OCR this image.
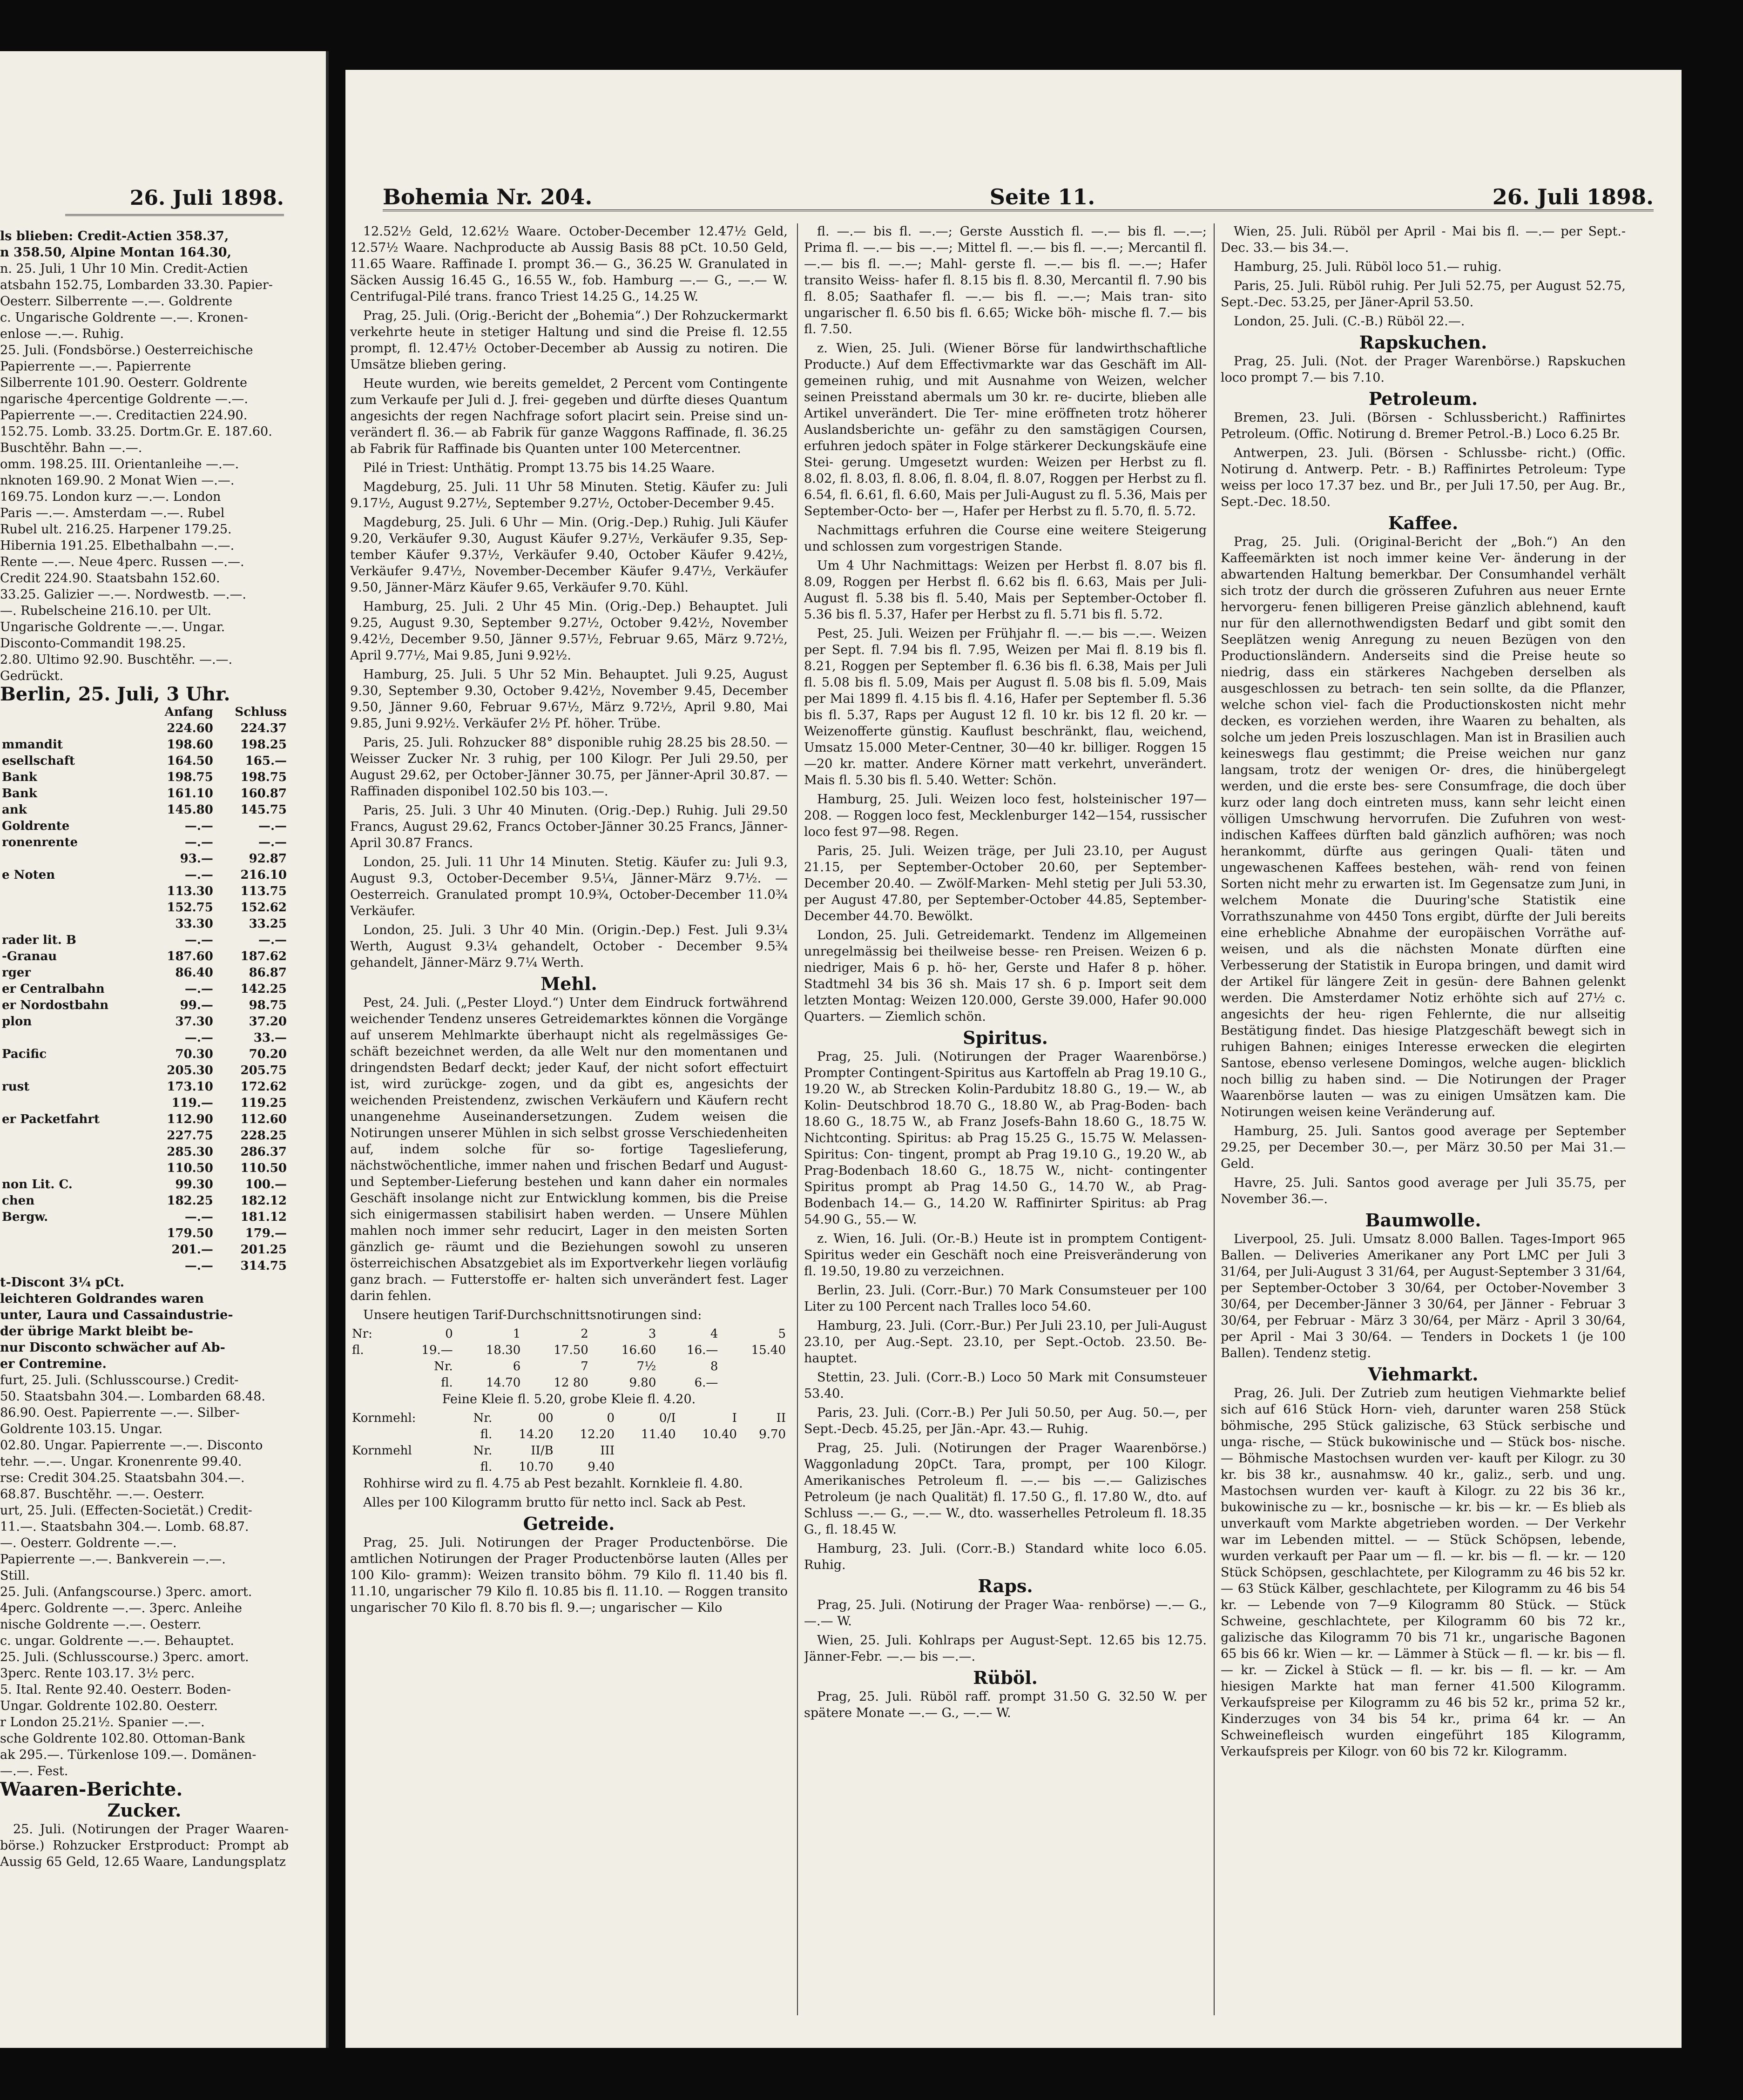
26. Juli 1898.
ls blieben: Credit-Actien 358.37,
n 358.50, Alpine Montan 164.30,
n. 25. Juli, 1 Uhr 10 Min. Credit-Actien
atsbahn 152.75, Lombarden 33.30. Papier-
Oesterr. Silberrente —.—. Goldrente
c. Ungarische Goldrente —.—. Kronen-
enlose —.—. Ruhig.
25. Juli. (Fondsbörse.) Oesterreichische
Papierrente —.—. Papierrente
Silberrente 101.90. Oesterr. Goldrente
ngarische 4percentige Goldrente —.—.
Papierrente —.—. Creditactien 224.90.
152.75. Lomb. 33.25. Dortm.Gr. E. 187.60.
Buschtěhr. Bahn —.—.
omm. 198.25. III. Orientanleihe —.—.
nknoten 169.90. 2 Monat Wien —.—.
169.75. London kurz —.—. London
Paris —.—. Amsterdam —.—. Rubel
Rubel ult. 216.25. Harpener 179.25.
Hibernia 191.25. Elbethalbahn —.—.
Rente —.—. Neue 4perc. Russen —.—.
Credit 224.90. Staatsbahn 152.60.
33.25. Galizier —.—. Nordwestb. —.—.
—. Rubelscheine 216.10. per Ult.
Ungarische Goldrente —.—. Ungar.
Disconto-Commandit 198.25.
2.80. Ultimo 92.90. Buschtěhr. —.—.
Gedrückt.
Berlin, 25. Juli, 3 Uhr.
	Anfang	Schluss
	224.60	224.37
mmandit	198.60	198.25
esellschaft	164.50	165.—
Bank	198.75	198.75
Bank	161.10	160.87
ank	145.80	145.75
Goldrente	—.—	—.—
ronenrente	—.—	—.—
	93.—	92.87
e Noten	—.—	216.10
	113.30	113.75
	152.75	152.62
	33.30	33.25
rader lit. B	—.—	—.—
-Granau	187.60	187.62
rger	86.40	86.87
er Centralbahn	—.—	142.25
er Nordostbahn	99.—	98.75
plon	37.30	37.20
	—.—	33.—
Pacific	70.30	70.20
	205.30	205.75
rust	173.10	172.62
	119.—	119.25
er Packetfahrt	112.90	112.60
	227.75	228.25
	285.30	286.37
	110.50	110.50
non Lit. C.	99.30	100.—
chen	182.25	182.12
Bergw.	—.—	181.12
	179.50	179.—
	201.—	201.25
	—.—	314.75
t-Discont 3¼ pCt.
leichteren Goldrandes waren
unter, Laura und Cassaindustrie-
der übrige Markt bleibt be-
nur Disconto schwächer auf Ab-
er Contremine.
furt, 25. Juli. (Schlusscourse.) Credit-
50. Staatsbahn 304.—. Lombarden 68.48.
86.90. Oest. Papierrente —.—. Silber-
Goldrente 103.15. Ungar.
02.80. Ungar. Papierrente —.—. Disconto
tehr. —.—. Ungar. Kronenrente 99.40.
rse: Credit 304.25. Staatsbahn 304.—.
68.87. Buschtěhr. —.—. Oesterr.
urt, 25. Juli. (Effecten-Societät.) Credit-
11.—. Staatsbahn 304.—. Lomb. 68.87.
—. Oesterr. Goldrente —.—.
Papierrente —.—. Bankverein —.—.
Still.
25. Juli. (Anfangscourse.) 3perc. amort.
4perc. Goldrente —.—. 3perc. Anleihe
nische Goldrente —.—. Oesterr.
c. ungar. Goldrente —.—. Behauptet.
25. Juli. (Schlusscourse.) 3perc. amort.
3perc. Rente 103.17. 3½ perc.
5. Ital. Rente 92.40. Oesterr. Boden-
Ungar. Goldrente 102.80. Oesterr.
r London 25.21½. Spanier —.—.
sche Goldrente 102.80. Ottoman-Bank
ak 295.—. Türkenlose 109.—. Domänen-
—.—. Fest.
Waaren-Berichte.
Zucker.

25. Juli. (Notirungen der Prager Waaren- börse.) Rohzucker Erstproduct: Prompt ab Aussig 65 Geld, 12.65 Waare, Landungsplatz

Bohemia Nr. 204.	Seite 11.	26. Juli 1898.

12.52½ Geld, 12.62½ Waare. October-December 12.47½ Geld, 12.57½ Waare. Nachproducte ab Aussig Basis 88 pCt. 10.50 Geld, 11.65 Waare. Raffinade I. prompt 36.— G., 36.25 W. Granulated in Säcken Aussig 16.45 G., 16.55 W., fob. Hamburg —.— G., —.— W. Centrifugal-Pilé trans. franco Triest 14.25 G., 14.25 W.

Prag, 25. Juli. (Orig.-Bericht der „Bohemia“.) Der Rohzuckermarkt verkehrte heute in stetiger Haltung und sind die Preise fl. 12.55 prompt, fl. 12.47½ October-December ab Aussig zu notiren. Die Umsätze blieben gering.

Heute wurden, wie bereits gemeldet, 2 Percent vom Contingente zum Verkaufe per Juli d. J. frei- gegeben und dürfte dieses Quantum angesichts der regen Nachfrage sofort placirt sein. Preise sind un- verändert fl. 36.— ab Fabrik für ganze Waggons Raffinade, fl. 36.25 ab Fabrik für Raffinade bis Quanten unter 100 Metercentner.

Pilé in Triest: Unthätig. Prompt 13.75 bis 14.25 Waare.

Magdeburg, 25. Juli. 11 Uhr 58 Minuten. Stetig. Käufer zu: Juli 9.17½, August 9.27½, September 9.27½, October-December 9.45.

Magdeburg, 25. Juli. 6 Uhr — Min. (Orig.-Dep.) Ruhig. Juli Käufer 9.20, Verkäufer 9.30, August Käufer 9.27½, Verkäufer 9.35, Sep- tember Käufer 9.37½, Verkäufer 9.40, October Käufer 9.42½, Verkäufer 9.47½, November-December Käufer 9.47½, Verkäufer 9.50, Jänner-März Käufer 9.65, Verkäufer 9.70. Kühl.

Hamburg, 25. Juli. 2 Uhr 45 Min. (Orig.-Dep.) Behauptet. Juli 9.25, August 9.30, September 9.27½, October 9.42½, November 9.42½, December 9.50, Jänner 9.57½, Februar 9.65, März 9.72½, April 9.77½, Mai 9.85, Juni 9.92½.

Hamburg, 25. Juli. 5 Uhr 52 Min. Behauptet. Juli 9.25, August 9.30, September 9.30, October 9.42½, November 9.45, December 9.50, Jänner 9.60, Februar 9.67½, März 9.72½, April 9.80, Mai 9.85, Juni 9.92½. Verkäufer 2½ Pf. höher. Trübe.

Paris, 25. Juli. Rohzucker 88° disponible ruhig 28.25 bis 28.50. — Weisser Zucker Nr. 3 ruhig, per 100 Kilogr. Per Juli 29.50, per August 29.62, per October-Jänner 30.75, per Jänner-April 30.87. — Raffinaden disponibel 102.50 bis 103.—.

Paris, 25. Juli. 3 Uhr 40 Minuten. (Orig.-Dep.) Ruhig. Juli 29.50 Francs, August 29.62, Francs October-Jänner 30.25 Francs, Jänner-April 30.87 Francs.

London, 25. Juli. 11 Uhr 14 Minuten. Stetig. Käufer zu: Juli 9.3, August 9.3, October-December 9.5¼, Jänner-März 9.7½. — Oesterreich. Granulated prompt 10.9¾, October-December 11.0¾ Verkäufer.

London, 25. Juli. 3 Uhr 40 Min. (Origin.-Dep.) Fest. Juli 9.3¼ Werth, August 9.3¼ gehandelt, October - December 9.5¾ gehandelt, Jänner-März 9.7¼ Werth.

Mehl.

Pest, 24. Juli. („Pester Lloyd.“) Unter dem Eindruck fortwährend weichender Tendenz unseres Getreidemarktes können die Vorgänge auf unserem Mehlmarkte überhaupt nicht als regelmässiges Ge- schäft bezeichnet werden, da alle Welt nur den momentanen und dringendsten Bedarf deckt; jeder Kauf, der nicht sofort effectuirt ist, wird zurückge- zogen, und da gibt es, angesichts der weichenden Preistendenz, zwischen Verkäufern und Käufern recht unangenehme Auseinandersetzungen. Zudem weisen die Notirungen unserer Mühlen in sich selbst grosse Verschiedenheiten auf, indem solche für so- fortige Tageslieferung, nächstwöchentliche, immer nahen und frischen Bedarf und August- und September-Lieferung bestehen und kann daher ein normales Geschäft insolange nicht zur Entwicklung kommen, bis die Preise sich einigermassen stabilisirt haben werden. — Unsere Mühlen mahlen noch immer sehr reducirt, Lager in den meisten Sorten gänzlich ge- räumt und die Beziehungen sowohl zu unseren österreichischen Absatzgebiet als im Exportverkehr liegen vorläufig ganz brach. — Futterstoffe er- halten sich unverändert fest. Lager darin fehlen.

Unsere heutigen Tarif-Durchschnittsnotirungen sind:

Nr:	0	1	2	3	4	5
fl.	19.—	18.30	17.50	16.60	16.—	15.40
	Nr.	6	7	7½	8	
	fl.	14.70	12 80	9.80	6.—	

Feine Kleie fl. 5.20, grobe Kleie fl. 4.20.

Kornmehl:	Nr.	00	0	0/I	I	II
	fl.	14.20	12.20	11.40	10.40	9.70
Kornmehl	Nr.	II/B	III			
	fl.	10.70	9.40			

Rohhirse wird zu fl. 4.75 ab Pest bezahlt. Kornkleie fl. 4.80.

Alles per 100 Kilogramm brutto für netto incl. Sack ab Pest.

Getreide.

Prag, 25. Juli. Notirungen der Prager Productenbörse. Die amtlichen Notirungen der Prager Productenbörse lauten (Alles per 100 Kilo- gramm): Weizen transito böhm. 79 Kilo fl. 11.40 bis fl. 11.10, ungarischer 79 Kilo fl. 10.85 bis fl. 11.10. — Roggen transito ungarischer 70 Kilo fl. 8.70 bis fl. 9.—; ungarischer — Kilo

fl. —.— bis fl. —.—; Gerste Ausstich fl. —.— bis fl. —.—; Prima fl. —.— bis —.—; Mittel fl. —.— bis fl. —.—; Mercantil fl. —.— bis fl. —.—; Mahl- gerste fl. —.— bis fl. —.—; Hafer transito Weiss- hafer fl. 8.15 bis fl. 8.30, Mercantil fl. 7.90 bis fl. 8.05; Saathafer fl. —.— bis fl. —.—; Mais tran- sito ungarischer fl. 6.50 bis fl. 6.65; Wicke böh- mische fl. 7.— bis fl. 7.50.

z. Wien, 25. Juli. (Wiener Börse für landwirthschaftliche Producte.) Auf dem Effectivmarkte war das Geschäft im All- gemeinen ruhig, und mit Ausnahme von Weizen, welcher seinen Preisstand abermals um 30 kr. re- ducirte, blieben alle Artikel unverändert. Die Ter- mine eröffneten trotz höherer Auslandsberichte un- gefähr zu den samstägigen Coursen, erfuhren jedoch später in Folge stärkerer Deckungskäufe eine Stei- gerung. Umgesetzt wurden: Weizen per Herbst zu fl. 8.02, fl. 8.03, fl. 8.06, fl. 8.04, fl. 8.07, Roggen per Herbst zu fl. 6.54, fl. 6.61, fl. 6.60, Mais per Juli-August zu fl. 5.36, Mais per September-Octo- ber —, Hafer per Herbst zu fl. 5.70, fl. 5.72.

Nachmittags erfuhren die Course eine weitere Steigerung und schlossen zum vorgestrigen Stande.

Um 4 Uhr Nachmittags: Weizen per Herbst fl. 8.07 bis fl. 8.09, Roggen per Herbst fl. 6.62 bis fl. 6.63, Mais per Juli-August fl. 5.38 bis fl. 5.40, Mais per September-October fl. 5.36 bis fl. 5.37, Hafer per Herbst zu fl. 5.71 bis fl. 5.72.

Pest, 25. Juli. Weizen per Frühjahr fl. —.— bis —.—. Weizen per Sept. fl. 7.94 bis fl. 7.95, Weizen per Mai fl. 8.19 bis fl. 8.21, Roggen per September fl. 6.36 bis fl. 6.38, Mais per Juli fl. 5.08 bis fl. 5.09, Mais per August fl. 5.08 bis fl. 5.09, Mais per Mai 1899 fl. 4.15 bis fl. 4.16, Hafer per September fl. 5.36 bis fl. 5.37, Raps per August 12 fl. 10 kr. bis 12 fl. 20 kr. — Weizenofferte günstig. Kauflust beschränkt, flau, weichend, Umsatz 15.000 Meter-Centner, 30—40 kr. billiger. Roggen 15—20 kr. matter. Andere Körner matt verkehrt, unverändert. Mais fl. 5.30 bis fl. 5.40. Wetter: Schön.

Hamburg, 25. Juli. Weizen loco fest, holsteinischer 197—208. — Roggen loco fest, Mecklenburger 142—154, russischer loco fest 97—98. Regen.

Paris, 25. Juli. Weizen träge, per Juli 23.10, per August 21.15, per September-October 20.60, per September-December 20.40. — Zwölf-Marken- Mehl stetig per Juli 53.30, per August 47.80, per September-October 44.85, September-December 44.70. Bewölkt.

London, 25. Juli. Getreidemarkt. Tendenz im Allgemeinen unregelmässig bei theilweise besse- ren Preisen. Weizen 6 p. niedriger, Mais 6 p. hö- her, Gerste und Hafer 8 p. höher. Stadtmehl 34 bis 36 sh. Mais 17 sh. 6 p. Import seit dem letzten Montag: Weizen 120.000, Gerste 39.000, Hafer 90.000 Quarters. — Ziemlich schön.

Spiritus.

Prag, 25. Juli. (Notirungen der Prager Waarenbörse.) Prompter Contingent-Spiritus aus Kartoffeln ab Prag 19.10 G., 19.20 W., ab Strecken Kolin-Pardubitz 18.80 G., 19.— W., ab Kolin- Deutschbrod 18.70 G., 18.80 W., ab Prag-Boden- bach 18.60 G., 18.75 W., ab Franz Josefs-Bahn 18.60 G., 18.75 W. Nichtconting. Spiritus: ab Prag 15.25 G., 15.75 W. Melassen-Spiritus: Con- tingent, prompt ab Prag 19.10 G., 19.20 W., ab Prag-Bodenbach 18.60 G., 18.75 W., nicht- contingenter Spiritus prompt ab Prag 14.50 G., 14.70 W., ab Prag-Bodenbach 14.— G., 14.20 W. Raffinirter Spiritus: ab Prag 54.90 G., 55.— W.

z. Wien, 16. Juli. (Or.-B.) Heute ist in promptem Contigent-Spiritus weder ein Geschäft noch eine Preisveränderung von fl. 19.50, 19.80 zu verzeichnen.

Berlin, 23. Juli. (Corr.-Bur.) 70 Mark Consumsteuer per 100 Liter zu 100 Percent nach Tralles loco 54.60.

Hamburg, 23. Juli. (Corr.-Bur.) Per Juli 23.10, per Juli-August 23.10, per Aug.-Sept. 23.10, per Sept.-Octob. 23.50. Be- hauptet.

Stettin, 23. Juli. (Corr.-B.) Loco 50 Mark mit Consumsteuer 53.40.

Paris, 23. Juli. (Corr.-B.) Per Juli 50.50, per Aug. 50.—, per Sept.-Decb. 45.25, per Jän.-Apr. 43.— Ruhig.

Prag, 25. Juli. (Notirungen der Prager Waarenbörse.) Waggonladung 20pCt. Tara, prompt, per 100 Kilogr. Amerikanisches Petroleum fl. —.— bis —.— Galizisches Petroleum (je nach Qualität) fl. 17.50 G., fl. 17.80 W., dto. auf Schluss —.— G., —.— W., dto. wasserhelles Petroleum fl. 18.35 G., fl. 18.45 W.

Hamburg, 23. Juli. (Corr.-B.) Standard white loco 6.05. Ruhig.

Raps.

Prag, 25. Juli. (Notirung der Prager Waa- renbörse) —.— G., —.— W.

Wien, 25. Juli. Kohlraps per August-Sept. 12.65 bis 12.75. Jänner-Febr. —.— bis —.—.

Rüböl.

Prag, 25. Juli. Rüböl raff. prompt 31.50 G. 32.50 W. per spätere Monate —.— G., —.— W.

Wien, 25. Juli. Rüböl per April - Mai bis fl. —.— per Sept.-Dec. 33.— bis 34.—.

Hamburg, 25. Juli. Rüböl loco 51.— ruhig.

Paris, 25. Juli. Rüböl ruhig. Per Juli 52.75, per August 52.75, Sept.-Dec. 53.25, per Jäner-April 53.50.

London, 25. Juli. (C.-B.) Rüböl 22.—.

Rapskuchen.

Prag, 25. Juli. (Not. der Prager Warenbörse.) Rapskuchen loco prompt 7.— bis 7.10.

Petroleum.

Bremen, 23. Juli. (Börsen - Schlussbericht.) Raffinirtes Petroleum. (Offic. Notirung d. Bremer Petrol.-B.) Loco 6.25 Br.

Antwerpen, 23. Juli. (Börsen - Schlussbe- richt.) (Offic. Notirung d. Antwerp. Petr. - B.) Raffinirtes Petroleum: Type weiss per loco 17.37 bez. und Br., per Juli 17.50, per Aug. Br., Sept.-Dec. 18.50.

Kaffee.

Prag, 25. Juli. (Original-Bericht der „Boh.“) An den Kaffeemärkten ist noch immer keine Ver- änderung in der abwartenden Haltung bemerkbar. Der Consumhandel verhält sich trotz der durch die grösseren Zufuhren aus neuer Ernte hervorgeru- fenen billigeren Preise gänzlich ablehnend, kauft nur für den allernothwendigsten Bedarf und gibt somit den Seeplätzen wenig Anregung zu neuen Bezügen von den Productionsländern. Anderseits sind die Preise heute so niedrig, dass ein stärkeres Nachgeben derselben als ausgeschlossen zu betrach- ten sein sollte, da die Pflanzer, welche schon viel- fach die Productionskosten nicht mehr decken, es vorziehen werden, ihre Waaren zu behalten, als solche um jeden Preis loszuschlagen. Man ist in Brasilien auch keineswegs flau gestimmt; die Preise weichen nur ganz langsam, trotz der wenigen Or- dres, die hinübergelegt werden, und die erste bes- sere Consumfrage, die doch über kurz oder lang doch eintreten muss, kann sehr leicht einen völligen Umschwung hervorrufen. Die Zufuhren von west- indischen Kaffees dürften bald gänzlich aufhören; was noch herankommt, dürfte aus geringen Quali- täten und ungewaschenen Kaffees bestehen, wäh- rend von feinen Sorten nicht mehr zu erwarten ist. Im Gegensatze zum Juni, in welchem Monate die Duuring'sche Statistik eine Vorrathszunahme von 4450 Tons ergibt, dürfte der Juli bereits eine erhebliche Abnahme der europäischen Vorräthe auf- weisen, und als die nächsten Monate dürften eine Verbesserung der Statistik in Europa bringen, und damit wird der Artikel für längere Zeit in gesün- dere Bahnen gelenkt werden. Die Amsterdamer Notiz erhöhte sich auf 27½ c. angesichts der heu- rigen Fehlernte, die nur allseitig Bestätigung findet. Das hiesige Platzgeschäft bewegt sich in ruhigen Bahnen; einiges Interesse erwecken die elegirten Santose, ebenso verlesene Domingos, welche augen- blicklich noch billig zu haben sind. — Die Notirungen der Prager Waarenbörse lauten — was zu einigen Umsätzen kam. Die Notirungen weisen keine Veränderung auf.

Hamburg, 25. Juli. Santos good average per September 29.25, per December 30.—, per März 30.50 per Mai 31.— Geld.

Havre, 25. Juli. Santos good average per Juli 35.75, per November 36.—.

Baumwolle.

Liverpool, 25. Juli. Umsatz 8.000 Ballen. Tages-Import 965 Ballen. — Deliveries Amerikaner any Port LMC per Juli 3 31/64, per Juli-August 3 31/64, per August-September 3 31/64, per September-October 3 30/64, per October-November 3 30/64, per December-Jänner 3 30/64, per Jänner - Februar 3 30/64, per Februar - März 3 30/64, per März - April 3 30/64, per April - Mai 3 30/64. — Tenders in Dockets 1 (je 100 Ballen). Tendenz stetig.

Viehmarkt.

Prag, 26. Juli. Der Zutrieb zum heutigen Viehmarkte belief sich auf 616 Stück Horn- vieh, darunter waren 258 Stück böhmische, 295 Stück galizische, 63 Stück serbische und unga- rische, — Stück bukowinische und — Stück bos- nische. — Böhmische Mastochsen wurden ver- kauft per Kilogr. zu 30 kr. bis 38 kr., ausnahmsw. 40 kr., galiz., serb. und ung. Mastochsen wurden ver- kauft à Kilogr. zu 22 bis 36 kr., bukowinische zu — kr., bosnische — kr. bis — kr. — Es blieb als unverkauft vom Markte abgetrieben worden. — Der Verkehr war im Lebenden mittel. — — Stück Schöpsen, lebende, wurden verkauft per Paar um — fl. — kr. bis — fl. — kr. — 120 Stück Schöpsen, geschlachtete, per Kilogramm zu 46 bis 52 kr. — 63 Stück Kälber, geschlachtete, per Kilogramm zu 46 bis 54 kr. — Lebende von 7—9 Kilogramm 80 Stück. — Stück Schweine, geschlachtete, per Kilogramm 60 bis 72 kr., galizische das Kilogramm 70 bis 71 kr., ungarische Bagonen 65 bis 66 kr. Wien — kr. — Lämmer à Stück — fl. — kr. bis — fl. — kr. — Zickel à Stück — fl. — kr. bis — fl. — kr. — Am hiesigen Markte hat man ferner 41.500 Kilogramm. Verkaufspreise per Kilogramm zu 46 bis 52 kr., prima 52 kr., Kinderzuges von 34 bis 54 kr., prima 64 kr. — An Schweinefleisch wurden eingeführt 185 Kilogramm, Verkaufspreis per Kilogr. von 60 bis 72 kr. Kilogramm.
